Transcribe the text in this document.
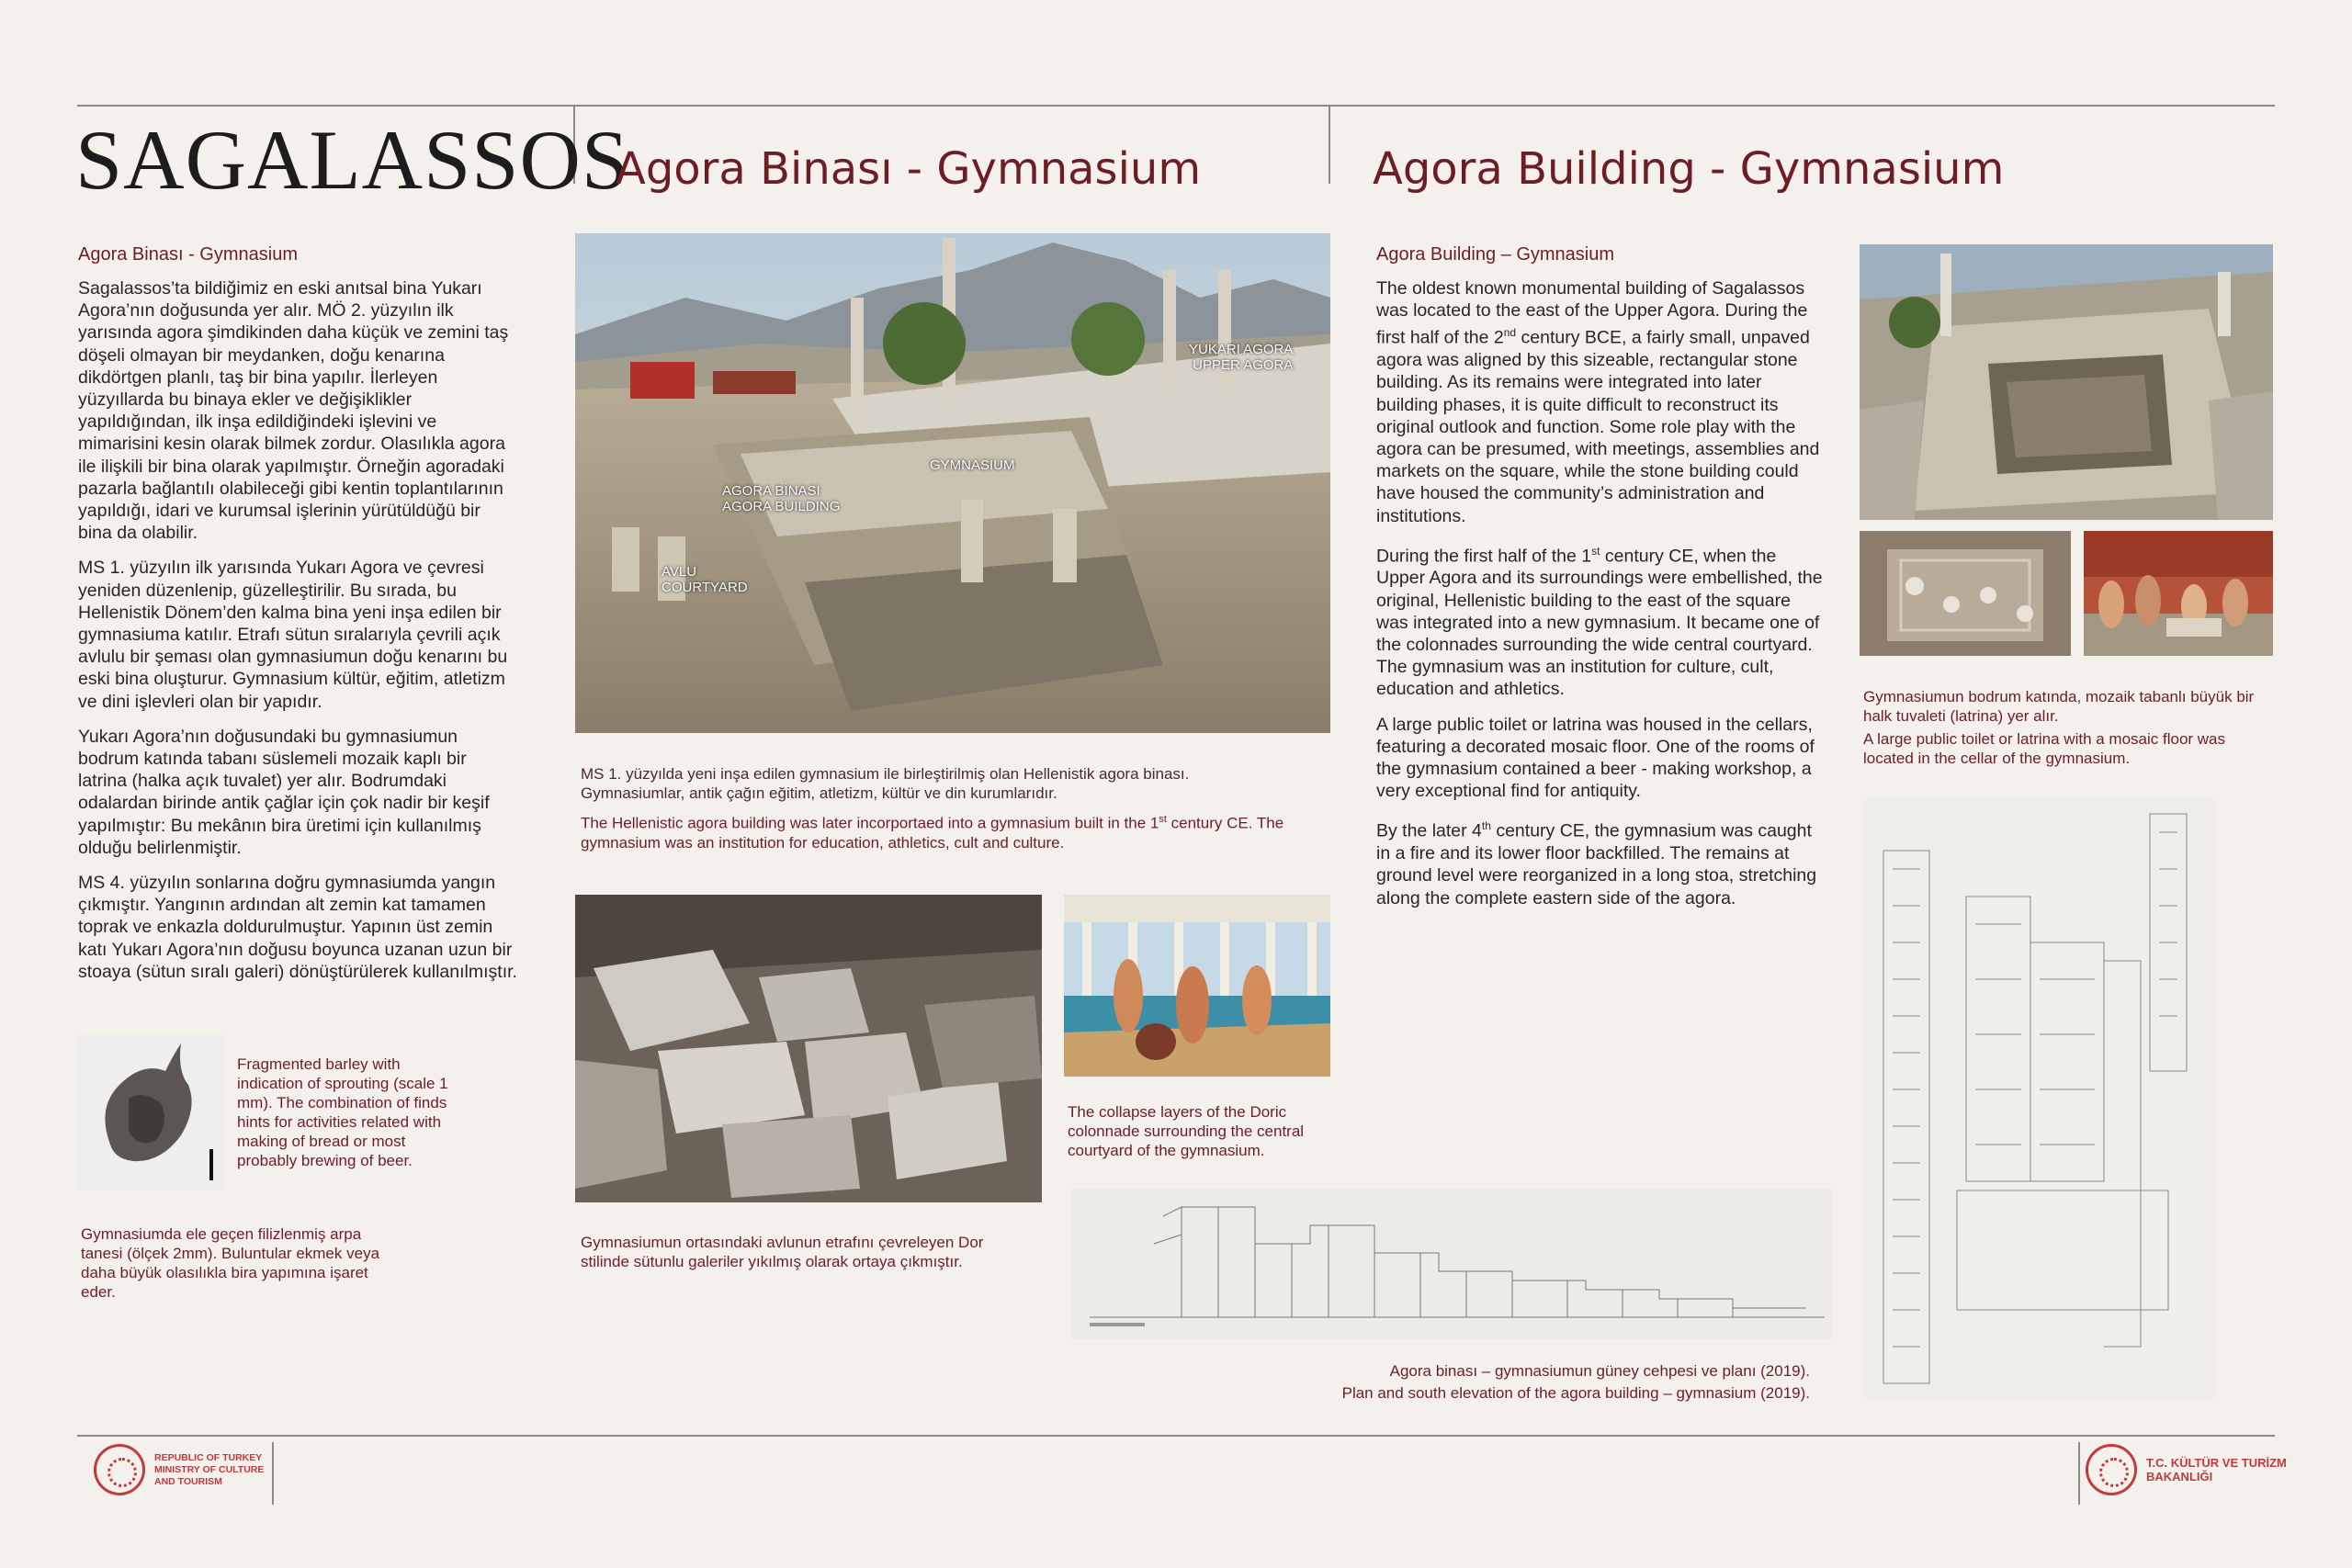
SAGALASSOS
Agora Binası - Gymnasium	Agora Building - Gymnasium
Agora Binası - Gymnasium

Sagalassos’ta bildiğimiz en eski anıtsal bina Yukarı Agora’nın doğusunda yer alır. MÖ 2. yüzyılın ilk yarısında agora şimdikinden daha küçük ve zemini taş döşeli olmayan bir meydanken, doğu kenarına dikdörtgen planlı, taş bir bina yapılır. İlerleyen yüzyıllarda bu binaya ekler ve değişiklikler yapıldığından, ilk inşa edildiğindeki işlevini ve mimarisini kesin olarak bilmek zordur. Olasılıkla agora ile ilişkili bir bina olarak yapılmıştır. Örneğin agoradaki pazarla bağlantılı olabileceği gibi kentin toplantılarının yapıldığı, idari ve kurumsal işlerinin yürütüldüğü bir bina da olabilir.

MS 1. yüzyılın ilk yarısında Yukarı Agora ve çevresi yeniden düzenlenip, güzelleştirilir. Bu sırada, bu Hellenistik Dönem’den kalma bina yeni inşa edilen bir gymnasiuma katılır. Etrafı sütun sıralarıyla çevrili açık avlulu bir şeması olan gymnasiumun doğu kenarını bu eski bina oluşturur. Gymnasium kültür, eğitim, atletizm ve dini işlevleri olan bir yapıdır.

Yukarı Agora’nın doğusundaki bu gymnasiumun bodrum katında tabanı süslemeli mozaik kaplı bir latrina (halka açık tuvalet) yer alır. Bodrumdaki odalardan birinde antik çağlar için çok nadir bir keşif yapılmıştır: Bu mekânın bira üretimi için kullanılmış olduğu belirlenmiştir.

MS 4. yüzyılın sonlarına doğru gymnasiumda yangın çıkmıştır. Yangının ardından alt zemin kat tamamen toprak ve enkazla doldurulmuştur. Yapının üst zemin katı Yukarı Agora’nın doğusu boyunca uzanan uzun bir stoaya (sütun sıralı galeri) dönüştürülerek kullanılmıştır.

Fragmented barley with indication of sprouting (scale 1 mm). The combination of finds hints for activities related with making of bread or most probably brewing of beer.
Gymnasiumda ele geçen filizlenmiş arpa tanesi (ölçek 2mm). Buluntular ekmek veya daha büyük olasılıkla bira yapımına işaret eder.
YUKARI AGORA
UPPER AGORA
GYMNASIUM
AGORA BİNASI
AGORA BUILDING
AVLU
COURTYARD
MS 1. yüzyılda yeni inşa edilen gymnasium ile birleştirilmiş olan Hellenistik agora binası. Gymnasiumlar, antik çağın eğitim, atletizm, kültür ve din kurumlarıdır.
The Hellenistic agora building was later incorportaed into a gymnasium built in the 1st century CE. The gymnasium was an institution for education, athletics, cult and culture.
The collapse layers of the Doric colonnade surrounding the central courtyard of the gymnasium.
Gymnasiumun ortasındaki avlunun etrafını çevreleyen Dor stilinde sütunlu galeriler yıkılmış olarak ortaya çıkmıştır.
Agora binası – gymnasiumun güney cehpesi ve planı (2019).
Plan and south elevation of the agora building – gymnasium (2019).
Agora Building – Gymnasium

The oldest known monumental building of Sagalassos was located to the east of the Upper Agora. During the first half of the 2nd century BCE, a fairly small, unpaved agora was aligned by this sizeable, rectangular stone building. As its remains were integrated into later building phases, it is quite difficult to reconstruct its original outlook and function. Some role play with the agora can be presumed, with meetings, assemblies and markets on the square, while the stone building could have housed the community’s administration and institutions.

During the first half of the 1st century CE, when the Upper Agora and its surroundings were embellished, the original, Hellenistic building to the east of the square was integrated into a new gymnasium. It became one of the colonnades surrounding the wide central courtyard. The gymnasium was an institution for culture, cult, education and athletics.

A large public toilet or latrina was housed in the cellars, featuring a decorated mosaic floor. One of the rooms of the gymnasium contained a beer - making workshop, a very exceptional find for antiquity.

By the later 4th century CE, the gymnasium was caught in a fire and its lower floor backfilled. The remains at ground level were reorganized in a long stoa, stretching along the complete eastern side of the agora.

Gymnasiumun bodrum katında, mozaik tabanlı büyük bir halk tuvaleti (latrina) yer alır.
A large public toilet or latrina with a mosaic floor was located in the cellar of the gymnasium.
REPUBLIC OF TURKEY
MINISTRY OF CULTURE
AND TOURISM
T.C. KÜLTÜR VE TURİZM
BAKANLIĞI
